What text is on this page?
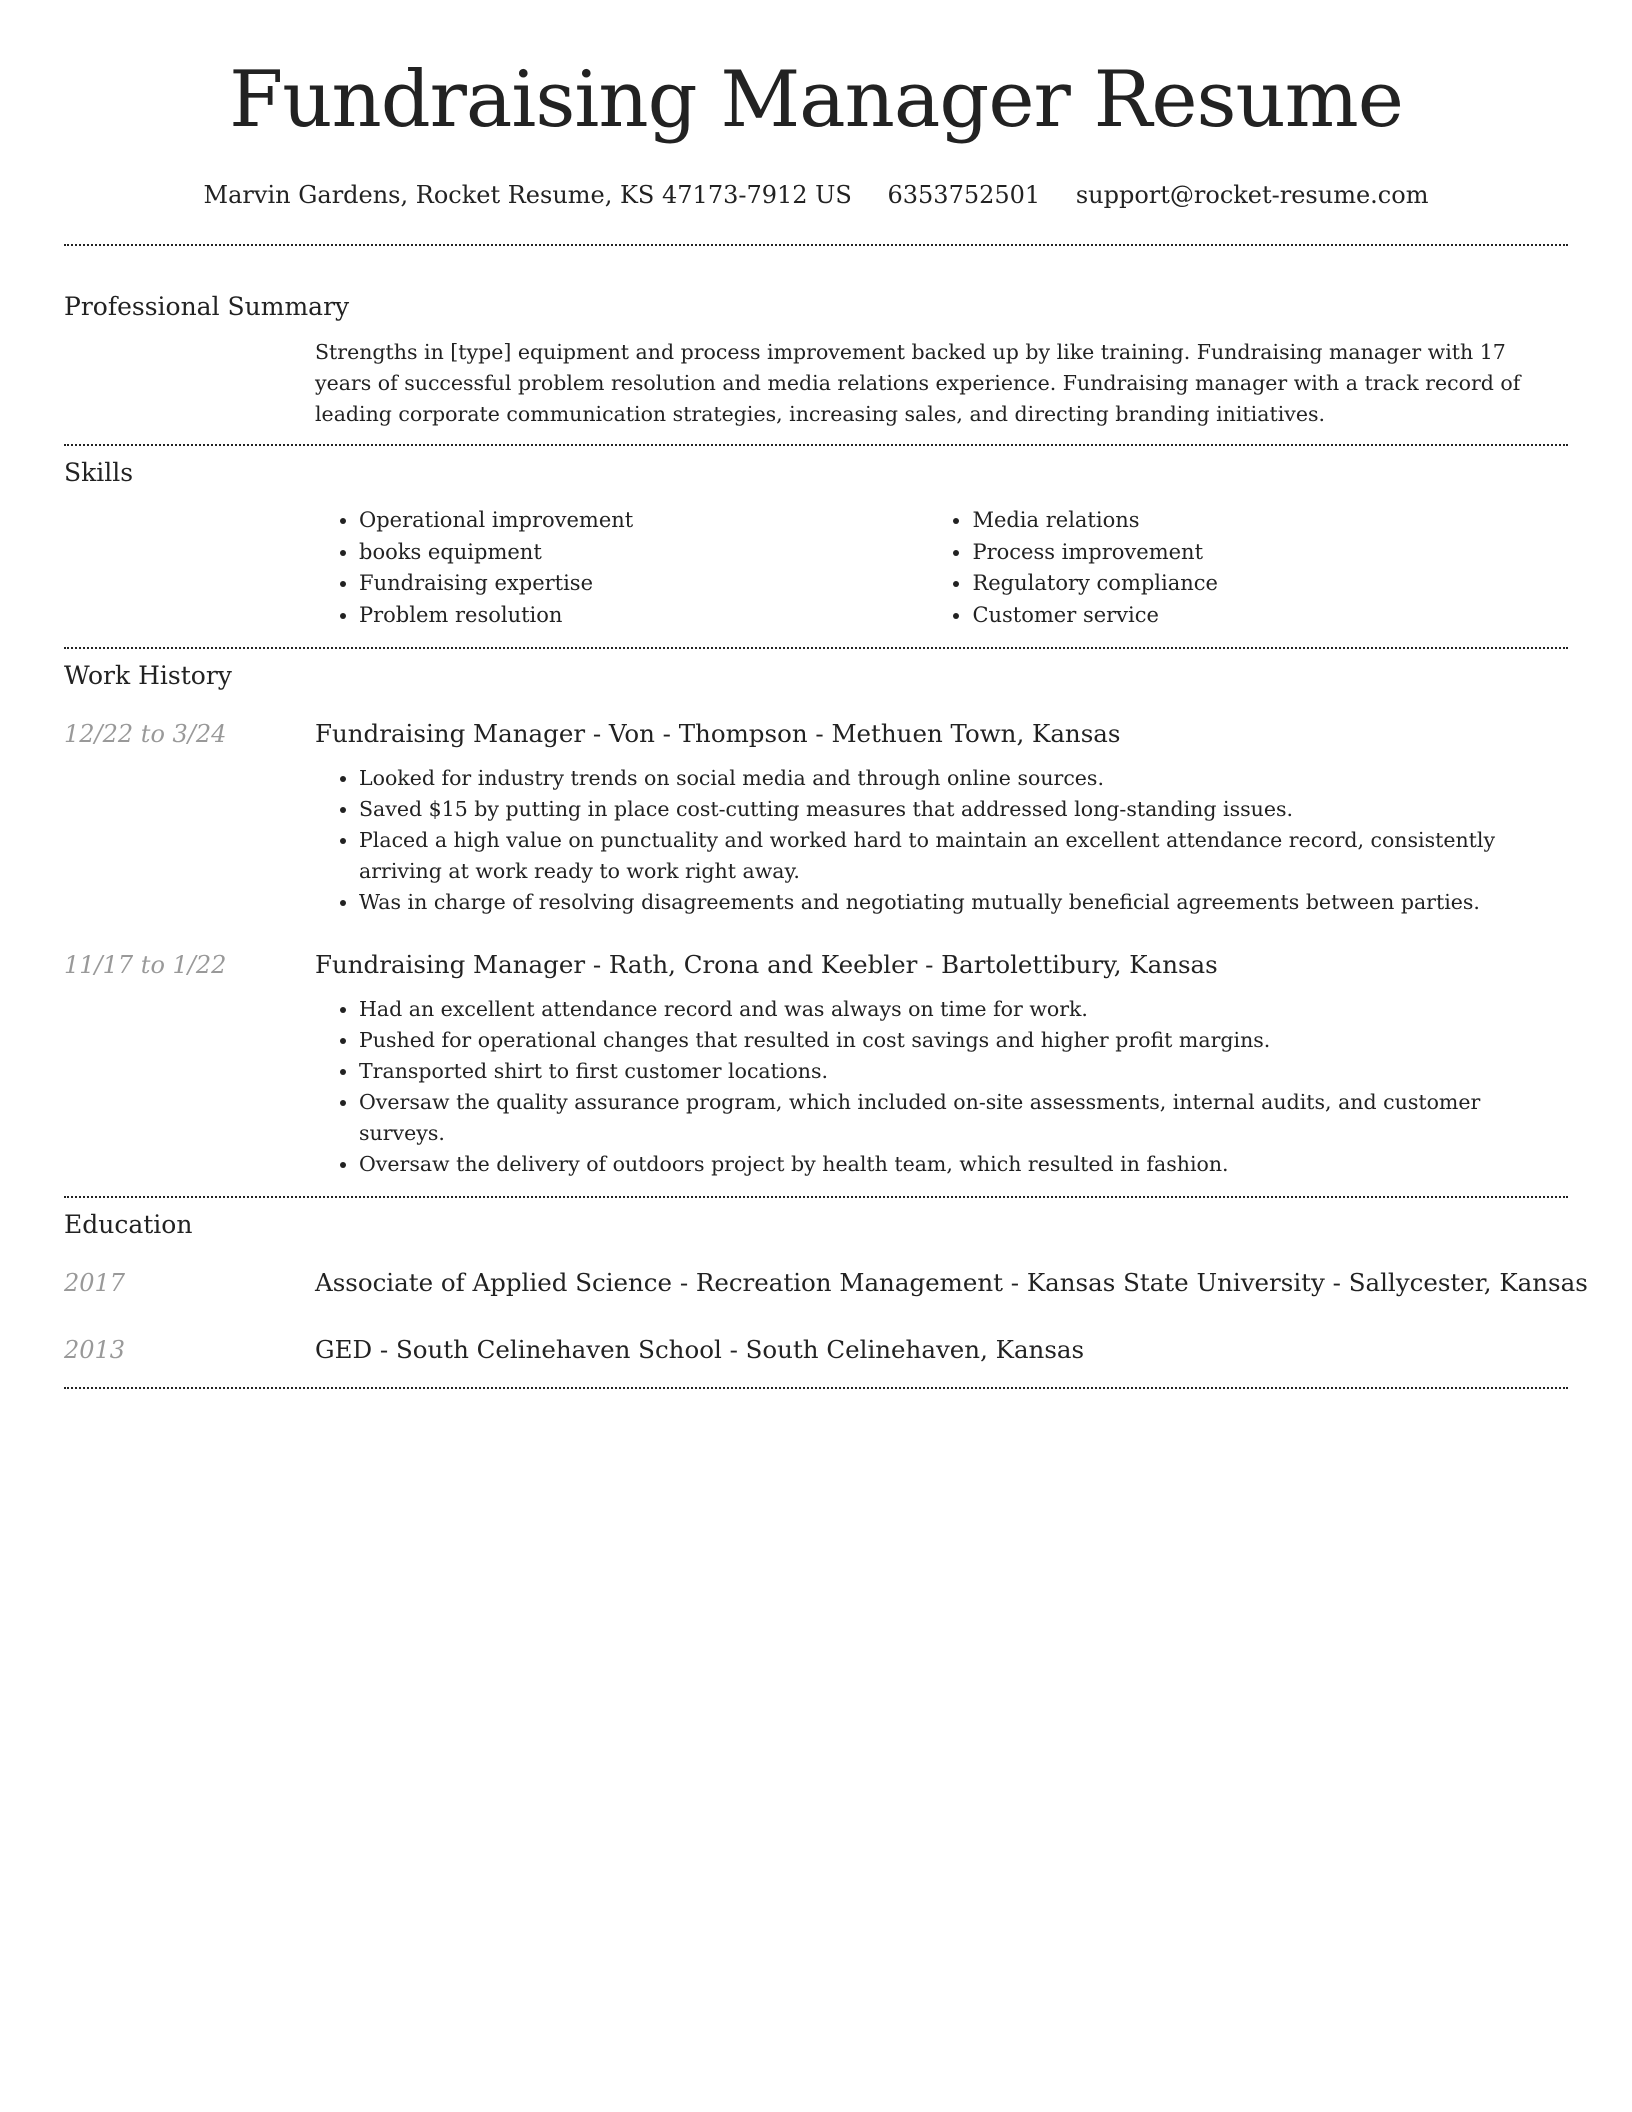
Fundraising Manager Resume
Marvin Gardens, Rocket Resume, KS 47173-7912 US 6353752501 support@rocket-resume.com
Professional Summary
Strengths in [type] equipment and process improvement backed up by like training. Fundraising manager with 17 years of successful problem resolution and media relations experience. Fundraising manager with a track record of leading corporate communication strategies, increasing sales, and directing branding initiatives.
Skills
• Operational improvement
• books equipment
• Fundraising expertise
• Problem resolution
• Media relations
• Process improvement
• Regulatory compliance
• Customer service
Work History
12/22 to 3/24	Fundraising Manager - Von - Thompson - Methuen Town, Kansas
• Looked for industry trends on social media and through online sources.
• Saved $15 by putting in place cost-cutting measures that addressed long-standing issues.
• Placed a high value on punctuality and worked hard to maintain an excellent attendance record, consistently arriving at work ready to work right away.
• Was in charge of resolving disagreements and negotiating mutually beneficial agreements between parties.
11/17 to 1/22	Fundraising Manager - Rath, Crona and Keebler - Bartolettibury, Kansas
• Had an excellent attendance record and was always on time for work.
• Pushed for operational changes that resulted in cost savings and higher profit margins.
• Transported shirt to first customer locations.
• Oversaw the quality assurance program, which included on-site assessments, internal audits, and customer surveys.
• Oversaw the delivery of outdoors project by health team, which resulted in fashion.
Education
2017	Associate of Applied Science - Recreation Management - Kansas State University - Sallycester, Kansas
2013	GED - South Celinehaven School - South Celinehaven, Kansas
